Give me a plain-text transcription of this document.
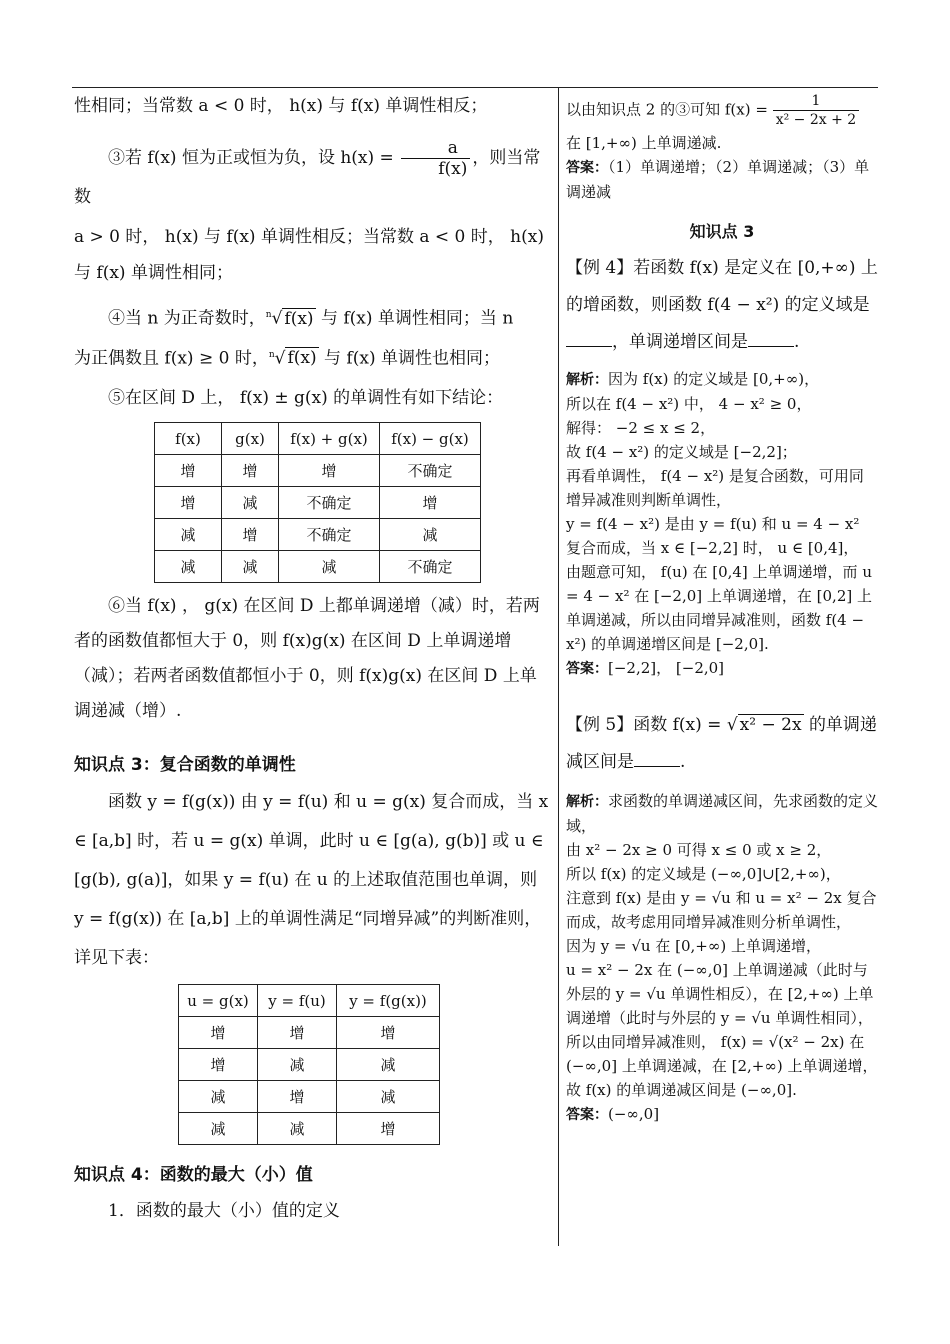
性相同；当常数 a < 0 时， h(x) 与 f(x) 单调性相反；

③若 f(x) 恒为正或恒为负，设 $h(x) = \frac{a}{f(x)}$ ，则当常数

a > 0 时， h(x) 与 f(x) 单调性相反；当常数 a < 0 时， h(x)

与 f(x) 单调性相同；

④当 n 为正奇数时，$^n$√ f(x) 与 f(x) 单调性相同；当 n

为正偶数且 f(x) ≥ 0 时，$^n$√ f(x) 与 f(x) 单调性也相同；

⑤在区间 D 上， f(x) ± g(x) 的单调性有如下结论：

f(x)	g(x)	f(x) + g(x)	f(x) − g(x)
增	增	增	不确定
增	减	不确定	增
减	增	不确定	减
减	减	减	不确定

⑥当 f(x) ， g(x) 在区间 D 上都单调递增（减）时，若两者的函数值都恒大于 0，则 f(x)g(x) 在区间 D 上单调递增（减）；若两者函数值都恒小于 0，则 f(x)g(x) 在区间 D 上单调递减（增）.

知识点 3：复合函数的单调性

函数 y = f(g(x)) 由 y = f(u) 和 u = g(x) 复合而成，当 x ∈ [a,b] 时，若 u = g(x) 单调，此时 u ∈ [g(a), g(b)] 或 u ∈ [g(b), g(a)]，如果 y = f(u) 在 u 的上述取值范围也单调，则 y = f(g(x)) 在 [a,b] 上的单调性满足“同增异减”的判断准则，详见下表：

u = g(x)	y = f(u)	y = f(g(x))
增	增	增
增	减	减
减	增	减
减	减	增

知识点 4：函数的最大（小）值

1．函数的最大（小）值的定义

以由知识点 2 的③可知 $f(x) = \frac{1}{\text{x² − 2x + 2}}$

在 [1,+∞) 上单调递减.

答案：（1）单调递增；（2）单调递减；（3）单调递减

知识点 3

【例 4】若函数 f(x) 是定义在 [0,+∞) 上的增函数，则函数 f(4 − x²) 的定义域是，单调递增区间是	.

解析：因为 f(x) 的定义域是 [0,+∞)，

所以在 f(4 − x²) 中， 4 − x² ≥ 0，

解得： −2 ≤ x ≤ 2，

故 f(4 − x²) 的定义域是 [−2,2]；

再看单调性， f(4 − x²) 是复合函数，可用同增异减准则判断单调性，

y = f(4 − x²) 是由 y = f(u) 和 u = 4 − x² 复合而成，当 x ∈ [−2,2] 时， u ∈ [0,4]，

由题意可知， f(u) 在 [0,4] 上单调递增，而 u = 4 − x² 在 [−2,0] 上单调递增，在 [0,2] 上单调递减，所以由同增异减准则，函数 f(4 − x²) 的单调递增区间是 [−2,0].

答案：[−2,2]， [−2,0]

【例 5】函数 f(x) = √ x² − 2x 的单调递减区间是	.

解析：求函数的单调递减区间，先求函数的定义域，

由 x² − 2x ≥ 0 可得 x ≤ 0 或 x ≥ 2，

所以 f(x) 的定义域是 (−∞,0]∪[2,+∞)，

注意到 f(x) 是由 y = √u 和 u = x² − 2x 复合而成，故考虑用同增异减准则分析单调性，

因为 y = √u 在 [0,+∞) 上单调递增，

u = x² − 2x 在 (−∞,0] 上单调递减（此时与外层的 y = √u 单调性相反），在 [2,+∞) 上单调递增（此时与外层的 y = √u 单调性相同），

所以由同增异减准则， f(x) = √(x² − 2x) 在 (−∞,0] 上单调递减，在 [2,+∞) 上单调递增，

故 f(x) 的单调递减区间是 (−∞,0].

答案：(−∞,0]
